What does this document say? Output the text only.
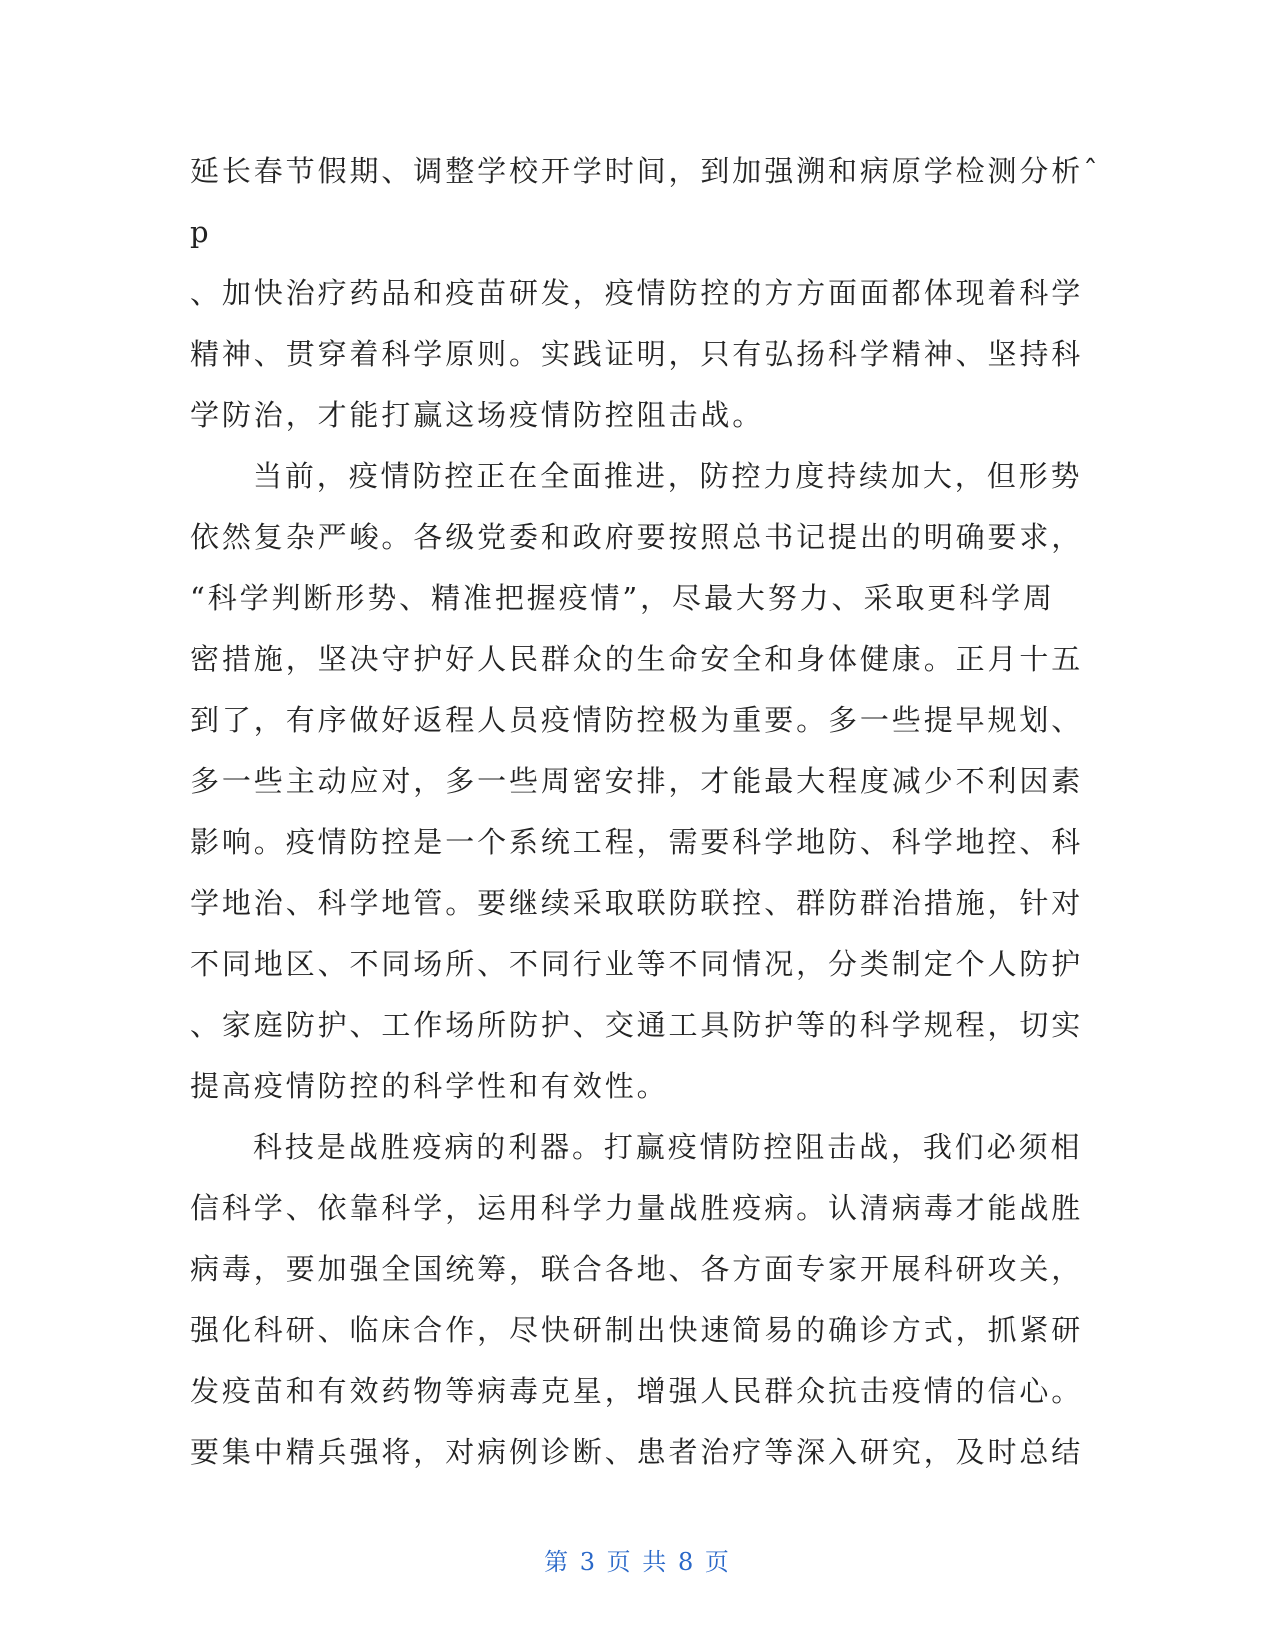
延长春节假期、调整学校开学时间，到加强溯和病原学检测分析ˆ
p
、加快治疗药品和疫苗研发，疫情防控的方方面面都体现着科学
精神、贯穿着科学原则。实践证明，只有弘扬科学精神、坚持科
学防治，才能打赢这场疫情防控阻击战。
当前，疫情防控正在全面推进，防控力度持续加大，但形势
依然复杂严峻。各级党委和政府要按照总书记提出的明确要求，
“科学判断形势、精准把握疫情”，尽最大努力、采取更科学周
密措施，坚决守护好人民群众的生命安全和身体健康。正月十五
到了，有序做好返程人员疫情防控极为重要。多一些提早规划、
多一些主动应对，多一些周密安排，才能最大程度减少不利因素
影响。疫情防控是一个系统工程，需要科学地防、科学地控、科
学地治、科学地管。要继续采取联防联控、群防群治措施，针对
不同地区、不同场所、不同行业等不同情况，分类制定个人防护
、家庭防护、工作场所防护、交通工具防护等的科学规程，切实
提高疫情防控的科学性和有效性。
科技是战胜疫病的利器。打赢疫情防控阻击战，我们必须相
信科学、依靠科学，运用科学力量战胜疫病。认清病毒才能战胜
病毒，要加强全国统筹，联合各地、各方面专家开展科研攻关，
强化科研、临床合作，尽快研制出快速简易的确诊方式，抓紧研
发疫苗和有效药物等病毒克星，增强人民群众抗击疫情的信心。
要集中精兵强将，对病例诊断、患者治疗等深入研究，及时总结
第 3 页 共 8 页
